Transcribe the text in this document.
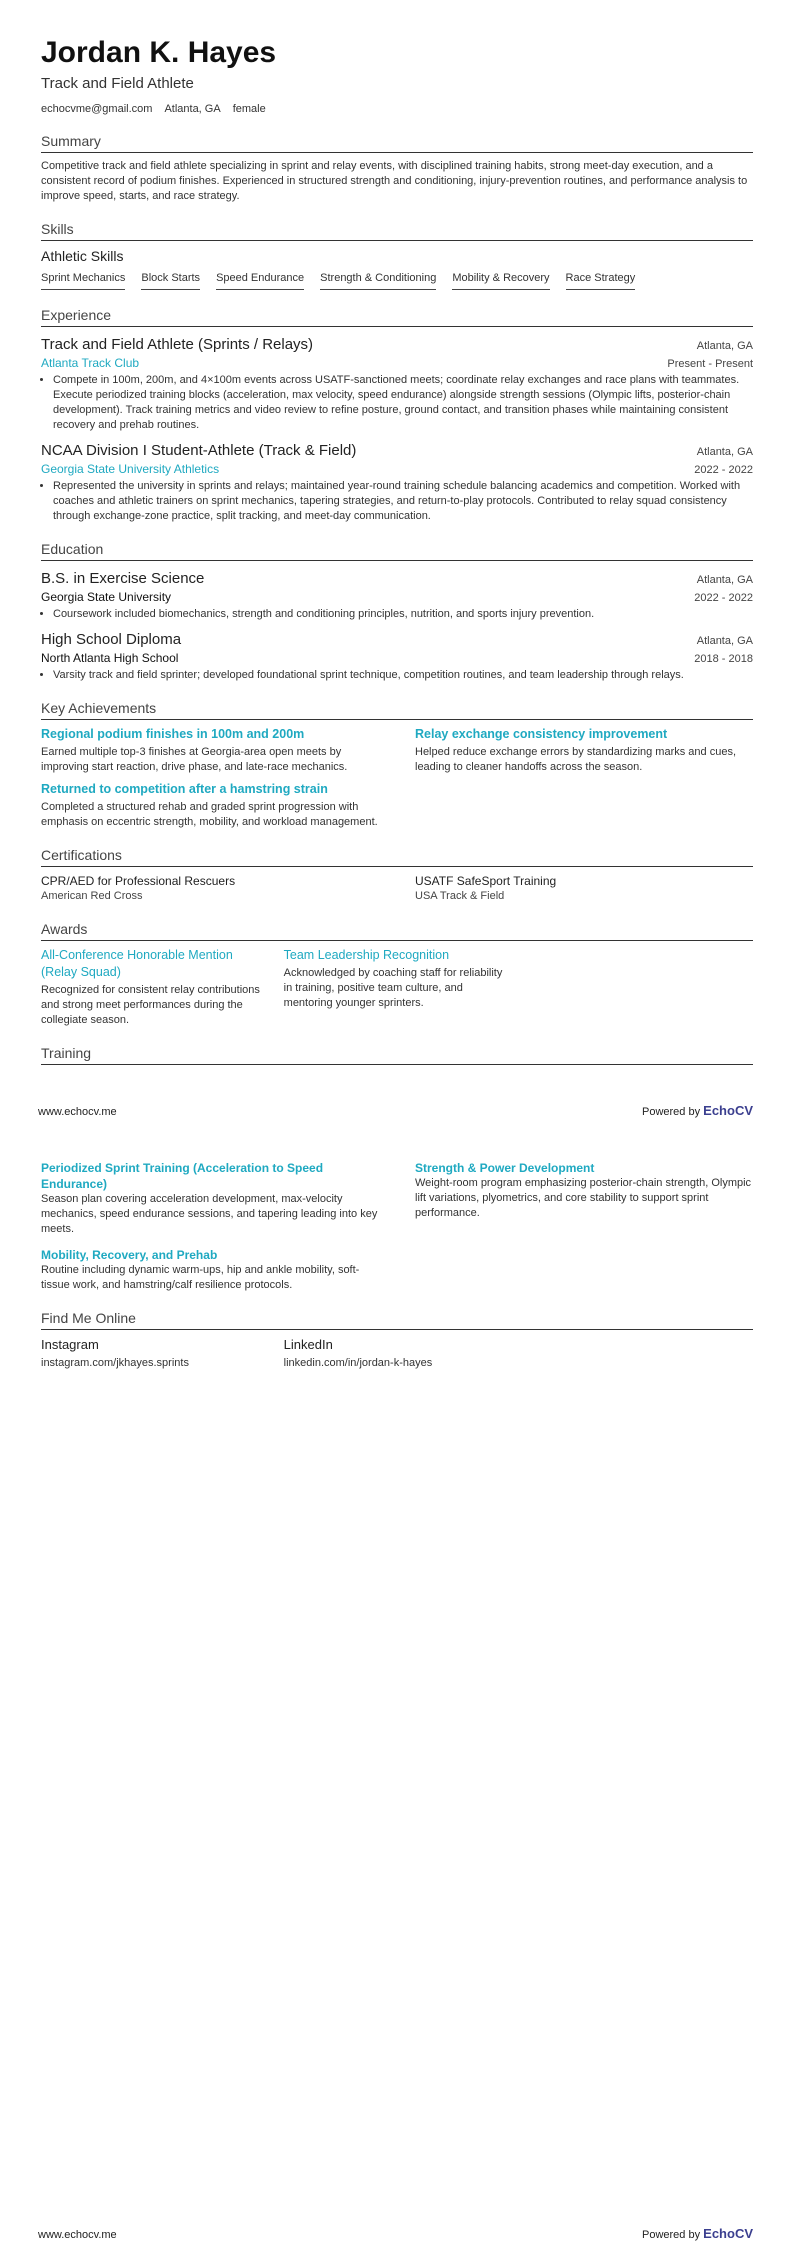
Jordan K. Hayes
Track and Field Athlete
echocvme@gmail.com Atlanta, GA female
Summary
Competitive track and field athlete specializing in sprint and relay events, with disciplined training habits, strong meet-day execution, and a consistent record of podium finishes. Experienced in structured strength and conditioning, injury-prevention routines, and performance analysis to improve speed, starts, and race strategy.
Skills
Athletic Skills
Sprint Mechanics Block Starts Speed Endurance Strength & Conditioning Mobility & Recovery Race Strategy
Experience
Track and Field Athlete (Sprints / Relays)	Atlanta, GA
Atlanta Track Club	Present - Present
• Compete in 100m, 200m, and 4×100m events across USATF-sanctioned meets; coordinate relay exchanges and race plans with teammates. Execute periodized training blocks (acceleration, max velocity, speed endurance) alongside strength sessions (Olympic lifts, posterior-chain development). Track training metrics and video review to refine posture, ground contact, and transition phases while maintaining consistent recovery and prehab routines.
NCAA Division I Student-Athlete (Track & Field)	Atlanta, GA
Georgia State University Athletics	2022 - 2022
• Represented the university in sprints and relays; maintained year-round training schedule balancing academics and competition. Worked with coaches and athletic trainers on sprint mechanics, tapering strategies, and return-to-play protocols. Contributed to relay squad consistency through exchange-zone practice, split tracking, and meet-day communication.
Education
B.S. in Exercise Science	Atlanta, GA
Georgia State University	2022 - 2022
• Coursework included biomechanics, strength and conditioning principles, nutrition, and sports injury prevention.
High School Diploma	Atlanta, GA
North Atlanta High School	2018 - 2018
• Varsity track and field sprinter; developed foundational sprint technique, competition routines, and team leadership through relays.
Key Achievements
Regional podium finishes in 100m and 200m
Earned multiple top-3 finishes at Georgia-area open meets by improving start reaction, drive phase, and late-race mechanics.
Relay exchange consistency improvement
Helped reduce exchange errors by standardizing marks and cues, leading to cleaner handoffs across the season.
Returned to competition after a hamstring strain
Completed a structured rehab and graded sprint progression with emphasis on eccentric strength, mobility, and workload management.
Certifications
CPR/AED for Professional Rescuers
American Red Cross
USATF SafeSport Training
USA Track & Field
Awards
All-Conference Honorable Mention (Relay Squad)
Recognized for consistent relay contributions and strong meet performances during the collegiate season.
Team Leadership Recognition
Acknowledged by coaching staff for reliability in training, positive team culture, and mentoring younger sprinters.
Training
www.echocv.me	Powered by EchoCV
Periodized Sprint Training (Acceleration to Speed Endurance)
Season plan covering acceleration development, max-velocity mechanics, speed endurance sessions, and tapering leading into key meets.
Strength & Power Development
Weight-room program emphasizing posterior-chain strength, Olympic lift variations, plyometrics, and core stability to support sprint performance.
Mobility, Recovery, and Prehab
Routine including dynamic warm-ups, hip and ankle mobility, soft-tissue work, and hamstring/calf resilience protocols.
Find Me Online
Instagram
instagram.com/jkhayes.sprints
LinkedIn
linkedin.com/in/jordan-k-hayes
www.echocv.me	Powered by EchoCV
